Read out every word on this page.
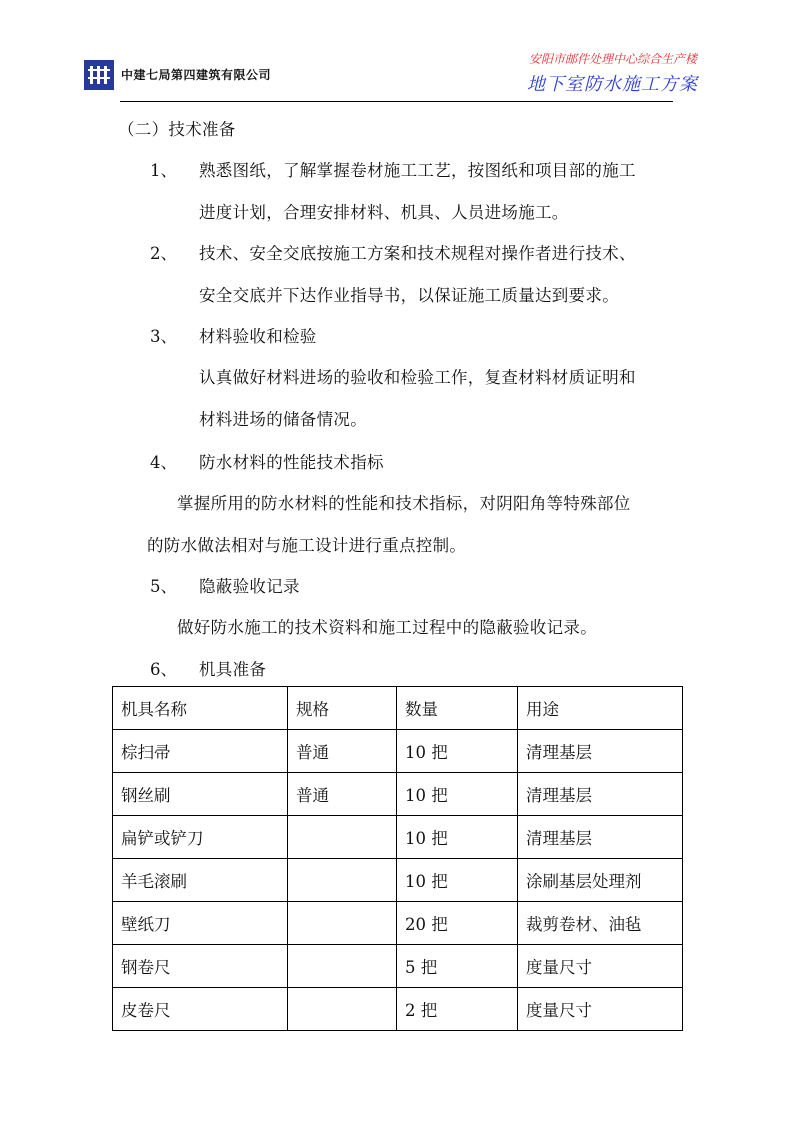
中建七局第四建筑有限公司
安阳市邮件处理中心综合生产楼
地下室防水施工方案
（二）技术准备
1、 熟悉图纸，了解掌握卷材施工工艺，按图纸和项目部的施工
进度计划，合理安排材料、机具、人员进场施工。
2、 技术、安全交底按施工方案和技术规程对操作者进行技术、
安全交底并下达作业指导书，以保证施工质量达到要求。
3、 材料验收和检验
认真做好材料进场的验收和检验工作，复查材料材质证明和
材料进场的储备情况。
4、 防水材料的性能技术指标
掌握所用的防水材料的性能和技术指标，对阴阳角等特殊部位
的防水做法相对与施工设计进行重点控制。
5、 隐蔽验收记录
做好防水施工的技术资料和施工过程中的隐蔽验收记录。
6、 机具准备
机具名称	规格	数量	用途
棕扫帚	普通	10 把	清理基层
钢丝刷	普通	10 把	清理基层
扁铲或铲刀		10 把	清理基层
羊毛滚刷		10 把	涂刷基层处理剂
壁纸刀		20 把	裁剪卷材、油毡
钢卷尺		5 把	度量尺寸
皮卷尺		2 把	度量尺寸
